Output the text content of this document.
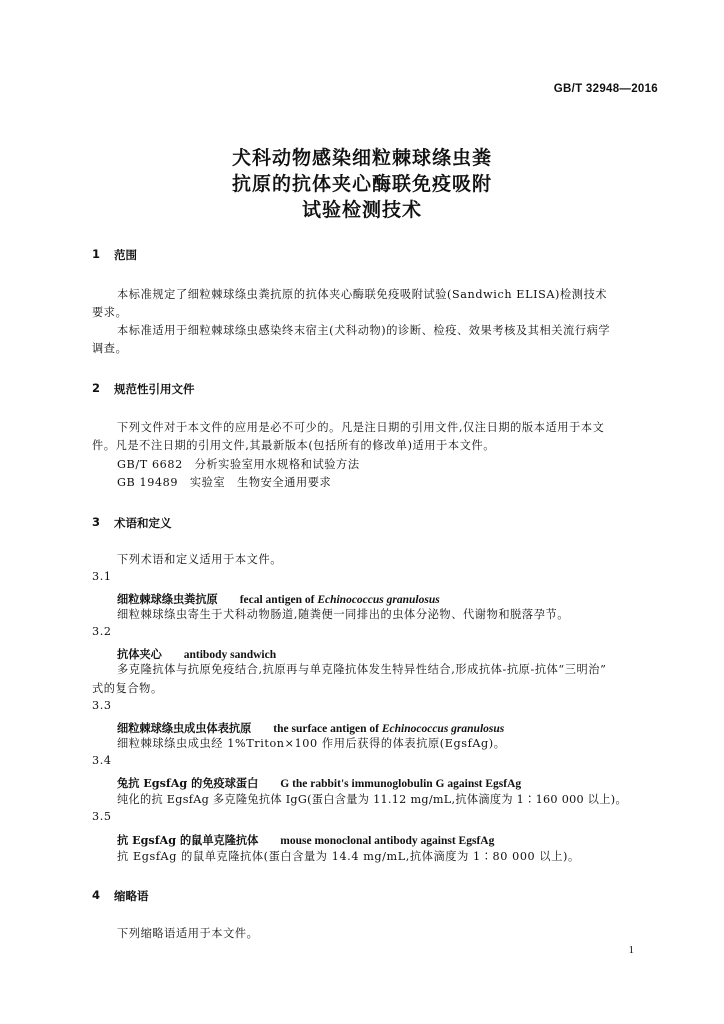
GB/T 32948—2016
犬科动物感染细粒棘球绦虫粪
抗原的抗体夹心酶联免疫吸附
试验检测技术
1 范围
本标准规定了细粒棘球绦虫粪抗原的抗体夹心酶联免疫吸附试验(Sandwich ELISA)检测技术
要求。
本标准适用于细粒棘球绦虫感染终末宿主(犬科动物)的诊断、检疫、效果考核及其相关流行病学
调查。
2 规范性引用文件
下列文件对于本文件的应用是必不可少的。凡是注日期的引用文件,仅注日期的版本适用于本文
件。凡是不注日期的引用文件,其最新版本(包括所有的修改单)适用于本文件。
GB/T 6682　分析实验室用水规格和试验方法
GB 19489　实验室　生物安全通用要求
3 术语和定义
下列术语和定义适用于本文件。
3.1
细粒棘球绦虫粪抗原 fecal antigen of Echinococcus granulosus
细粒棘球绦虫寄生于犬科动物肠道,随粪便一同排出的虫体分泌物、代谢物和脱落孕节。
3.2
抗体夹心 antibody sandwich
多克隆抗体与抗原免疫结合,抗原再与单克隆抗体发生特异性结合,形成抗体-抗原-抗体“三明治”
式的复合物。
3.3
细粒棘球绦虫成虫体表抗原 the surface antigen of Echinococcus granulosus
细粒棘球绦虫成虫经 1%Triton×100 作用后获得的体表抗原(EgsfAg)。
3.4
兔抗 EgsfAg 的免疫球蛋白 G the rabbit's immunoglobulin G against EgsfAg
纯化的抗 EgsfAg 多克隆兔抗体 IgG(蛋白含量为 11.12 mg/mL,抗体滴度为 1∶160 000 以上)。
3.5
抗 EgsfAg 的鼠单克隆抗体 mouse monoclonal antibody against EgsfAg
抗 EgsfAg 的鼠单克隆抗体(蛋白含量为 14.4 mg/mL,抗体滴度为 1∶80 000 以上)。
4 缩略语
下列缩略语适用于本文件。
1
